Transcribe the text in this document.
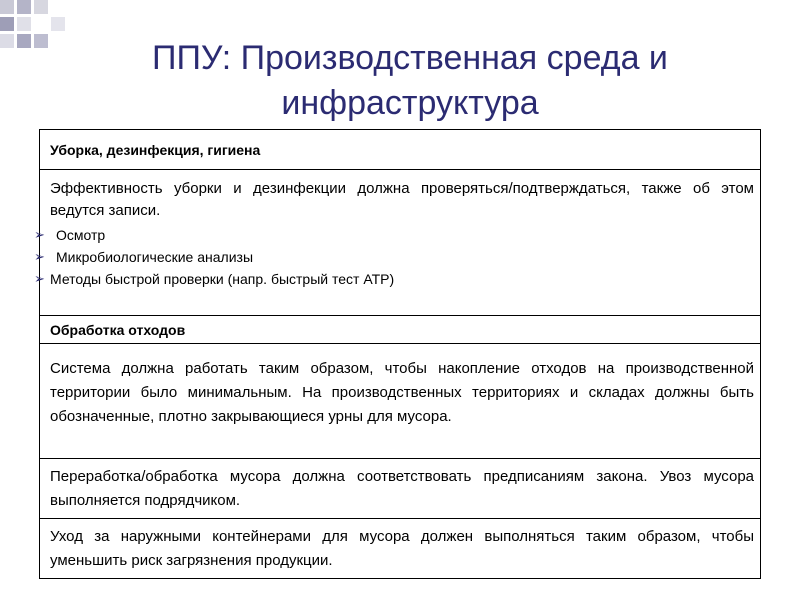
ППУ: Производственная среда и инфраструктура
Уборка, дезинфекция, гигиена

Эффективность уборки и дезинфекции должна проверяться/подтверждаться, также об этом ведутся записи.

➢ Осмотр
➢ Микробиологические анализы
➢ Методы быстрой проверки (напр. быстрый тест АТР)
Обработка отходов

Система должна работать таким образом, чтобы накопление отходов на производственной территории было минимальным. На производственных территориях и складах должны быть обозначенные, плотно закрывающиеся урны для мусора.

Переработка/обработка мусора должна соответствовать предписаниям закона. Увоз мусора выполняется подрядчиком.

Уход за наружными контейнерами для мусора должен выполняться таким образом, чтобы уменьшить риск загрязнения продукции.
